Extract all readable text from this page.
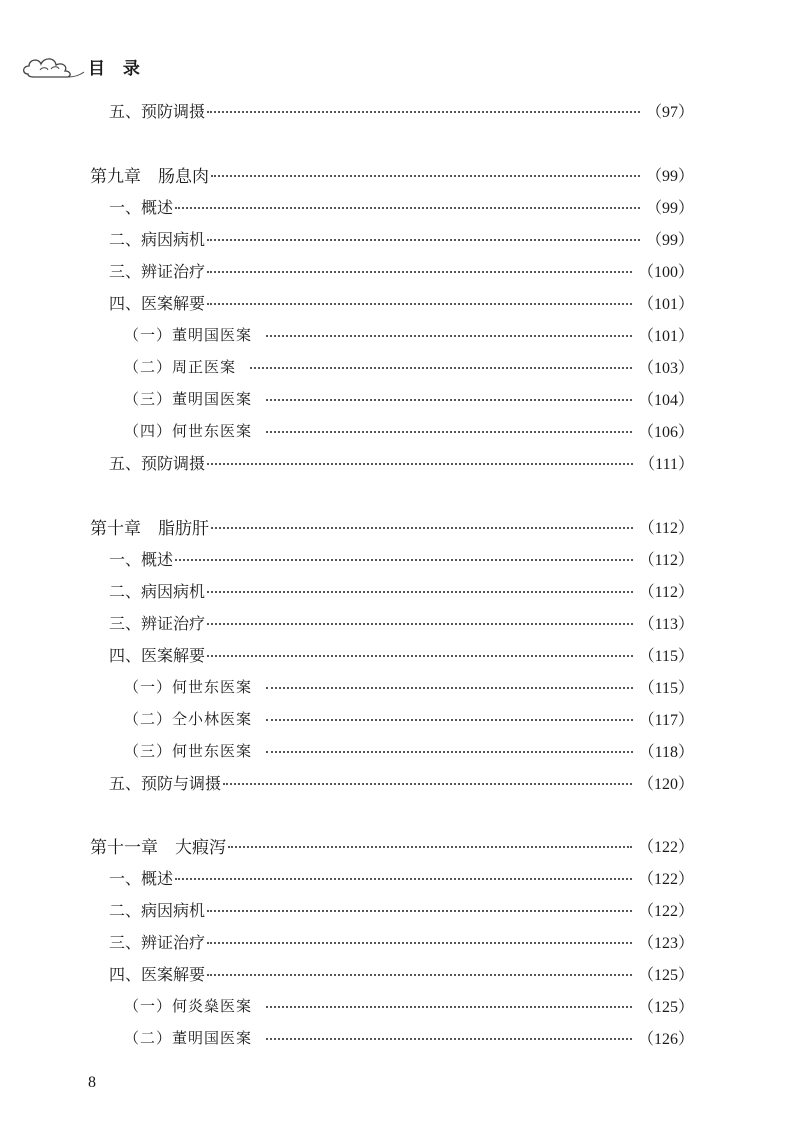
目 录
五、预防调摄	（97）
第九章　肠息肉	（99）
一、概述	（99）
二、病因病机	（99）
三、辨证治疗	（100）
四、医案解要	（101）
（一）董明国医案	（101）
（二）周正医案	（103）
（三）董明国医案	（104）
（四）何世东医案	（106）
五、预防调摄	（111）
第十章　脂肪肝	（112）
一、概述	（112）
二、病因病机	（112）
三、辨证治疗	（113）
四、医案解要	（115）
（一）何世东医案	（115）
（二）仝小林医案	（117）
（三）何世东医案	（118）
五、预防与调摄	（120）
第十一章　大瘕泻	（122）
一、概述	（122）
二、病因病机	（122）
三、辨证治疗	（123）
四、医案解要	（125）
（一）何炎燊医案	（125）
（二）董明国医案	（126）
8
